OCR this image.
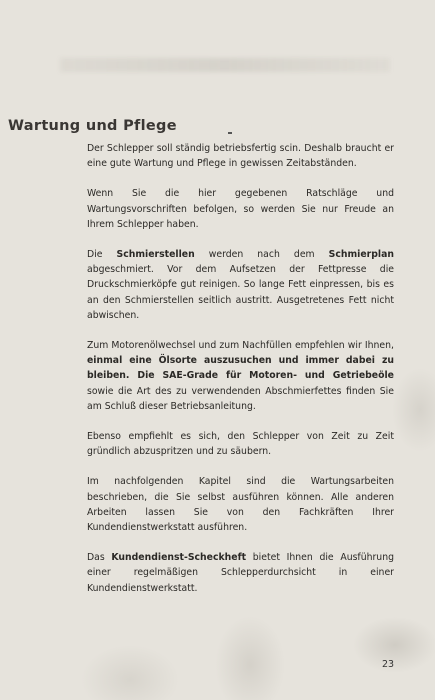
Wartung und Pflege

Der Schlepper soll ständig betriebsfertig scin. Deshalb braucht er eine gute Wartung und Pflege in gewissen Zeitabständen.

Wenn Sie die hier gegebenen Ratschläge und Wartungsvorschriften befolgen, so werden Sie nur Freude an Ihrem Schlepper haben.

Die Schmierstellen werden nach dem Schmierplan abgeschmiert. Vor dem Aufsetzen der Fettpresse die Druckschmierköpfe gut reinigen. So lange Fett einpressen, bis es an den Schmierstellen seitlich austritt. Ausgetretenes Fett nicht abwischen.

Zum Motorenölwechsel und zum Nachfüllen empfehlen wir Ihnen, einmal eine Ölsorte auszusuchen und immer dabei zu bleiben. Die SAE-Grade für Motoren- und Getriebeöle sowie die Art des zu verwendenden Abschmierfettes finden Sie am Schluß dieser Betriebsanleitung.

Ebenso empfiehlt es sich, den Schlepper von Zeit zu Zeit gründlich abzuspritzen und zu säubern.

Im nachfolgenden Kapitel sind die Wartungsarbeiten beschrieben, die Sie selbst ausführen können. Alle anderen Arbeiten lassen Sie von den Fachkräften Ihrer Kundendienstwerkstatt ausführen.

Das Kundendienst-Scheckheft bietet Ihnen die Ausführung einer regelmäßigen Schlepperdurchsicht in einer Kundendienstwerkstatt.

23
